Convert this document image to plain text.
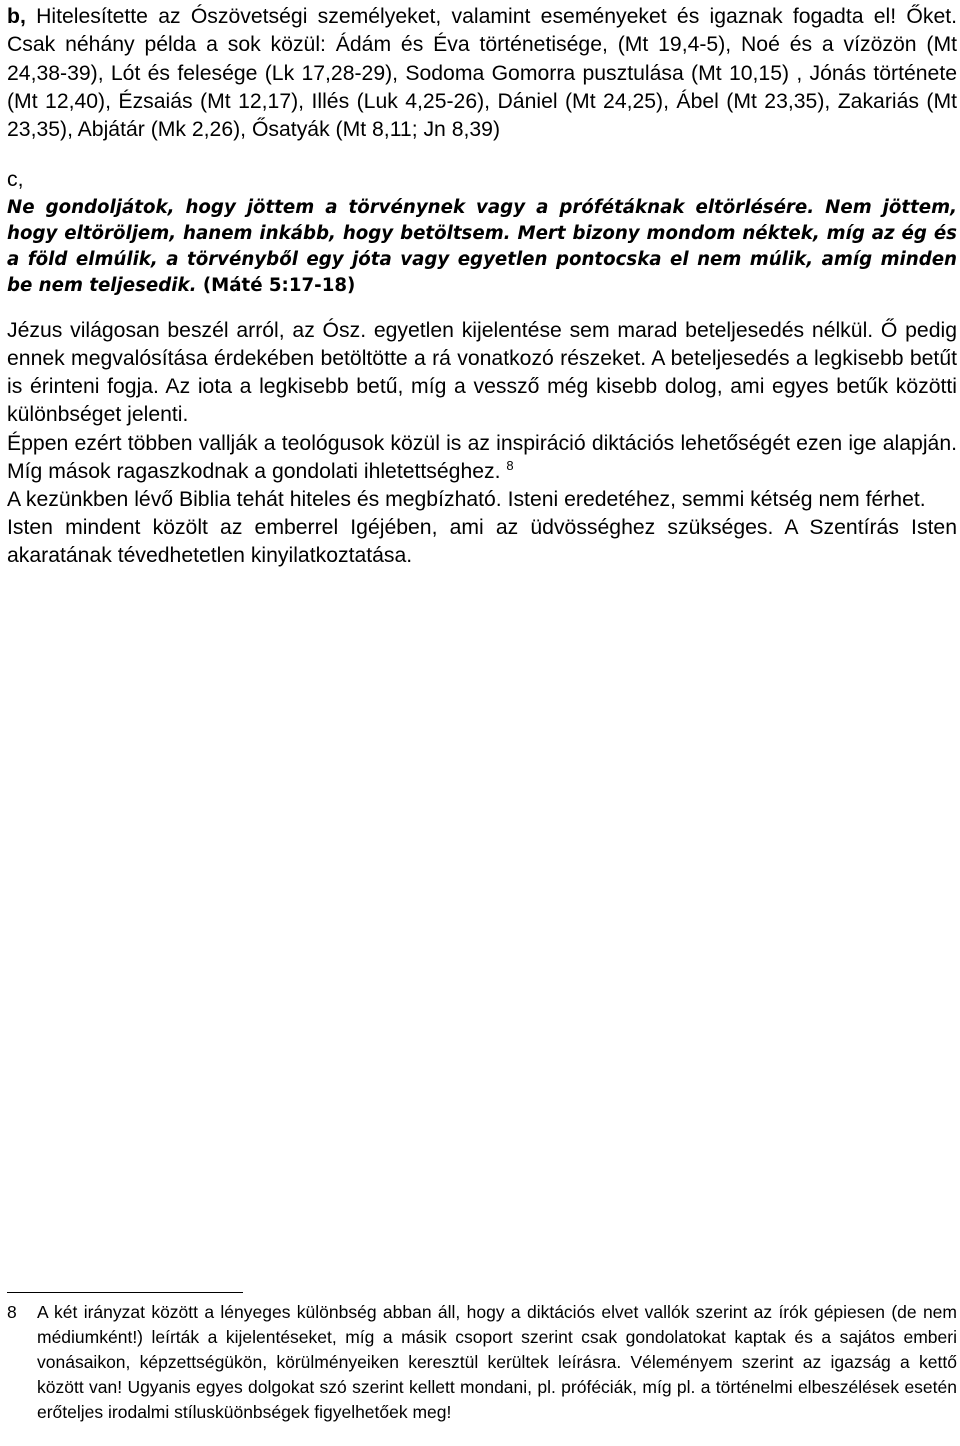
b, Hitelesítette az Ószövetségi személyeket, valamint eseményeket és igaznak fogadta el! Őket. Csak néhány példa a sok közül: Ádám és Éva történetisége, (Mt 19,4-5), Noé és a vízözön (Mt 24,38-39), Lót és felesége (Lk 17,28-29), Sodoma Gomorra pusztulása (Mt 10,15) , Jónás története (Mt 12,40), Ézsaiás (Mt 12,17), Illés (Luk 4,25-26), Dániel (Mt 24,25), Ábel (Mt 23,35), Zakariás (Mt 23,35), Abjátár (Mk 2,26), Ősatyák (Mt 8,11; Jn 8,39)

c,

Ne gondoljátok, hogy jöttem a törvénynek vagy a prófétáknak eltörlésére. Nem jöttem, hogy eltöröljem, hanem inkább, hogy betöltsem. Mert bizony mondom néktek, míg az ég és a föld elmúlik, a törvényből egy jóta vagy egyetlen pontocska el nem múlik, amíg minden be nem teljesedik. (Máté 5:17-18)

Jézus világosan beszél arról, az Ósz. egyetlen kijelentése sem marad beteljesedés nélkül. Ő pedig ennek megvalósítása érdekében betöltötte a rá vonatkozó részeket. A beteljesedés a legkisebb betűt is érinteni fogja. Az iota a legkisebb betű, míg a vessző még kisebb dolog, ami egyes betűk közötti különbséget jelenti.

Éppen ezért többen vallják a teológusok közül is az inspiráció diktációs lehetőségét ezen ige alapján. Míg mások ragaszkodnak a gondolati ihletettséghez. $^8$

A kezünkben lévő Biblia tehát hiteles és megbízható. Isteni eredetéhez, semmi kétség nem férhet.

Isten mindent közölt az emberrel Igéjében, ami az üdvösséghez szükséges. A Szentírás Isten akaratának tévedhetetlen kinyilatkoztatása.

8 A két irányzat között a lényeges különbség abban áll, hogy a diktációs elvet vallók szerint az írók gépiesen (de nem médiumként!) leírták a kijelentéseket, míg a másik csoport szerint csak gondolatokat kaptak és a sajátos emberi vonásaikon, képzettségükön, körülményeiken keresztül kerültek leírásra. Véleményem szerint az igazság a kettő között van! Ugyanis egyes dolgokat szó szerint kellett mondani, pl. próféciák, míg pl. a történelmi elbeszélések esetén erőteljes irodalmi stílusküönbségek figyelhetőek meg!
